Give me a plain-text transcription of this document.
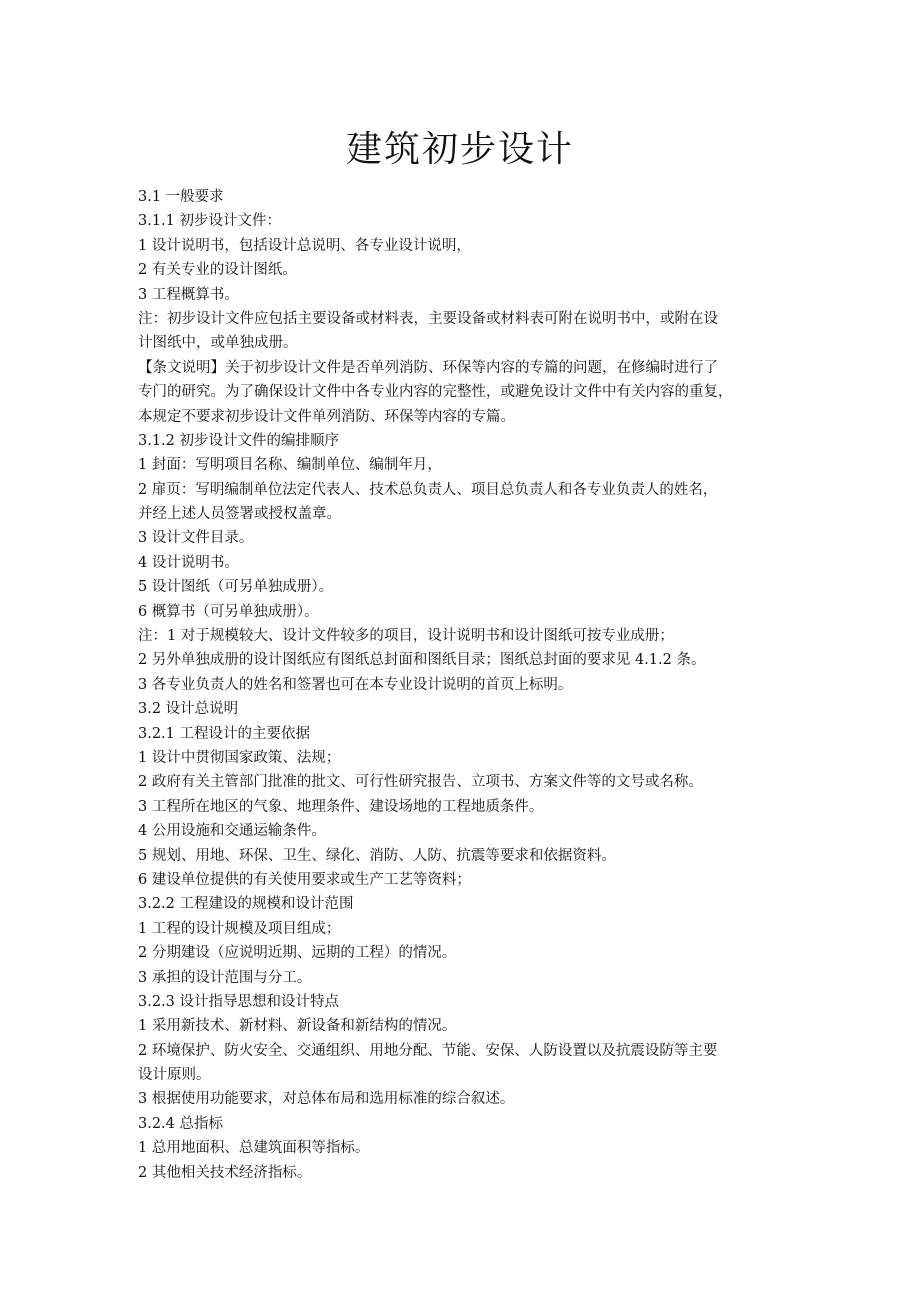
建筑初步设计
3.1 一般要求
3.1.1 初步设计文件：
1 设计说明书，包括设计总说明、各专业设计说明，
2 有关专业的设计图纸。
3 工程概算书。
注：初步设计文件应包括主要设备或材料表，主要设备或材料表可附在说明书中，或附在设
计图纸中，或单独成册。
【条文说明】关于初步设计文件是否单列消防、环保等内容的专篇的问题，在修编时进行了
专门的研究。为了确保设计文件中各专业内容的完整性，或避免设计文件中有关内容的重复，
本规定不要求初步设计文件单列消防、环保等内容的专篇。
3.1.2 初步设计文件的编排顺序
1 封面：写明项目名称、编制单位、编制年月，
2 扉页：写明编制单位法定代表人、技术总负责人、项目总负责人和各专业负责人的姓名，
并经上述人员签署或授权盖章。
3 设计文件目录。
4 设计说明书。
5 设计图纸（可另单独成册）。
6 概算书（可另单独成册）。
注：1 对于规模较大、设计文件较多的项目，设计说明书和设计图纸可按专业成册；
2 另外单独成册的设计图纸应有图纸总封面和图纸目录；图纸总封面的要求见 4.1.2 条。
3 各专业负责人的姓名和签署也可在本专业设计说明的首页上标明。
3.2 设计总说明
3.2.1 工程设计的主要依据
1 设计中贯彻国家政策、法规；
2 政府有关主管部门批准的批文、可行性研究报告、立项书、方案文件等的文号或名称。
3 工程所在地区的气象、地理条件、建设场地的工程地质条件。
4 公用设施和交通运输条件。
5 规划、用地、环保、卫生、绿化、消防、人防、抗震等要求和依据资料。
6 建设单位提供的有关使用要求或生产工艺等资料；
3.2.2 工程建设的规模和设计范围
1 工程的设计规模及项目组成；
2 分期建设（应说明近期、远期的工程）的情况。
3 承担的设计范围与分工。
3.2.3 设计指导思想和设计特点
1 采用新技术、新材料、新设备和新结构的情况。
2 环境保护、防火安全、交通组织、用地分配、节能、安保、人防设置以及抗震设防等主要
设计原则。
3 根据使用功能要求，对总体布局和选用标准的综合叙述。
3.2.4 总指标
1 总用地面积、总建筑面积等指标。
2 其他相关技术经济指标。
